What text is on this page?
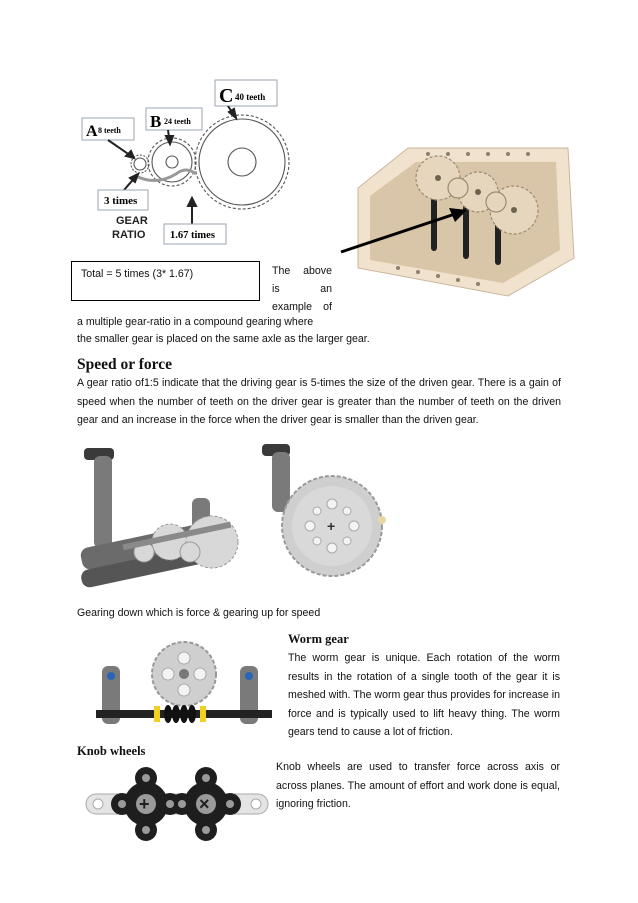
C 40 teeth
B 24 teeth
A 8 teeth
3 times
GEAR
RATIO 1.67 times
Total = 5 times (3* 1.67)	The above
is an
example of
a multiple gear-ratio in a compound gearing where
the smaller gear is placed on the same axle as the larger gear.
Speed or force
A gear ratio of1:5 indicate that the driving gear is 5-times the size of the driven gear. There is a gain of speed when the number of teeth on the driver gear is greater than the number of teeth on the driven gear and an increase in the force when the driver gear is smaller than the driven gear.
+
Gearing down which is force & gearing up for speed
Worm gear
The worm gear is unique. Each rotation of the worm results in the rotation of a single tooth of the gear it is meshed with. The worm gear thus provides for increase in force and is typically used to lift heavy thing. The worm gears tend to cause a lot of friction.
Knob wheels
Knob wheels are used to transfer force across axis or across planes. The amount of effort and work done is equal, ignoring friction.
+	×
